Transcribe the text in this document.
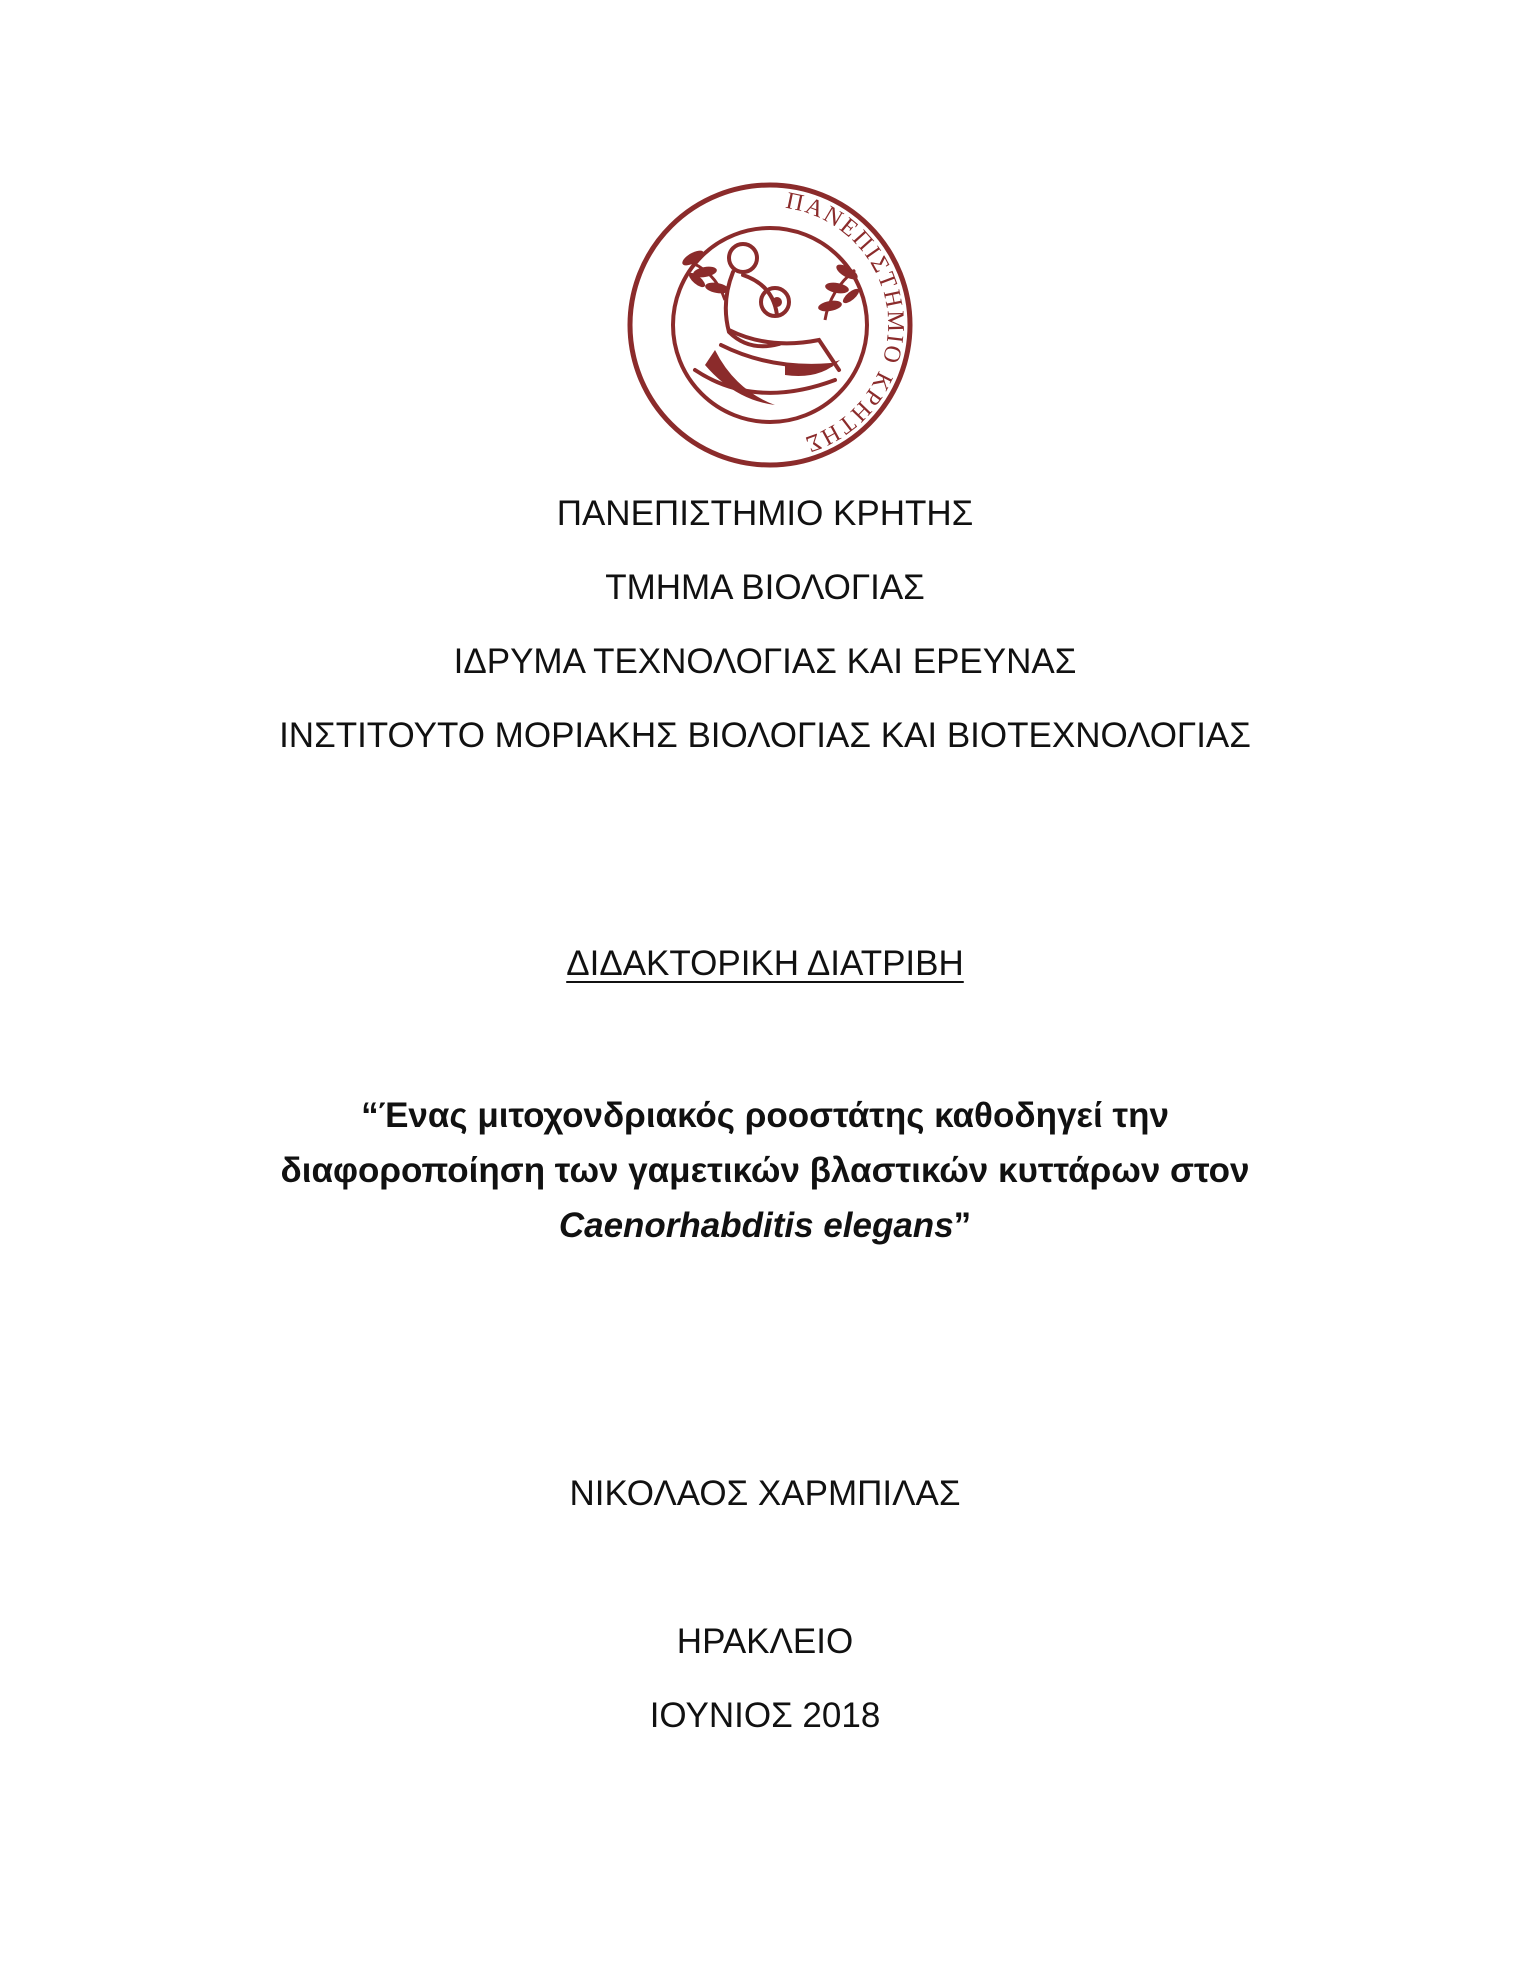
ΠΑΝΕΠΙΣΤΗΜΙΟ ΚΡΗΤΗΣ
ΠΑΝΕΠΙΣΤΗΜΙΟ ΚΡΗΤΗΣ
ΤΜΗΜΑ ΒΙΟΛΟΓΙΑΣ
ΙΔΡΥΜΑ ΤΕΧΝΟΛΟΓΙΑΣ ΚΑΙ ΕΡΕΥΝΑΣ
ΙΝΣΤΙΤΟΥΤΟ ΜΟΡΙΑΚΗΣ ΒΙΟΛΟΓΙΑΣ ΚΑΙ ΒΙΟΤΕΧΝΟΛΟΓΙΑΣ
ΔΙΔΑΚΤΟΡΙΚΗ ΔΙΑΤΡΙΒΗ
“Ένας μιτοχονδριακός ροοστάτης καθοδηγεί την
διαφοροποίηση των γαμετικών βλαστικών κυττάρων στον
Caenorhabditis elegans”
ΝΙΚΟΛΑΟΣ ΧΑΡΜΠΙΛΑΣ
ΗΡΑΚΛΕΙΟ
ΙΟΥΝΙΟΣ 2018
